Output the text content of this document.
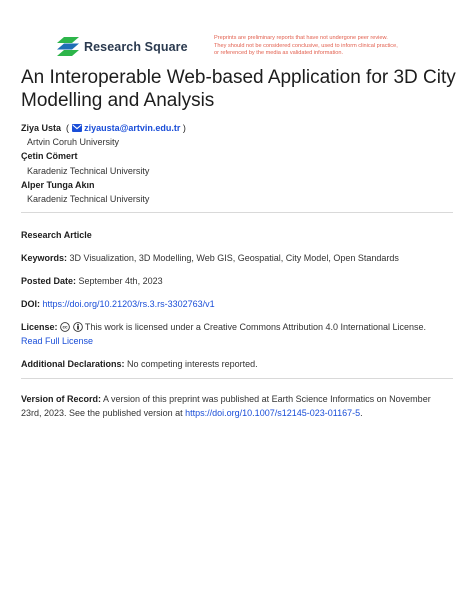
Research Square
Preprints are preliminary reports that have not undergone peer review.
They should not be considered conclusive, used to inform clinical practice,
or referenced by the media as validated information.
An Interoperable Web-based Application for 3D City
Modelling and Analysis
Ziya Usta  ( ziyausta@artvin.edu.tr )
Artvin Coruh University
Çetin Cömert
Karadeniz Technical University
Alper Tunga Akın
Karadeniz Technical University
Research Article
Keywords: 3D Visualization, 3D Modelling, Web GIS, Geospatial, City Model, Open Standards
Posted Date: September 4th, 2023
DOI: https://doi.org/10.21203/rs.3.rs-3302763/v1
License: cc This work is licensed under a Creative Commons Attribution 4.0 International License.
Read Full License
Additional Declarations: No competing interests reported.
Version of Record: A version of this preprint was published at Earth Science Informatics on November
23rd, 2023. See the published version at https://doi.org/10.1007/s12145-023-01167-5.
